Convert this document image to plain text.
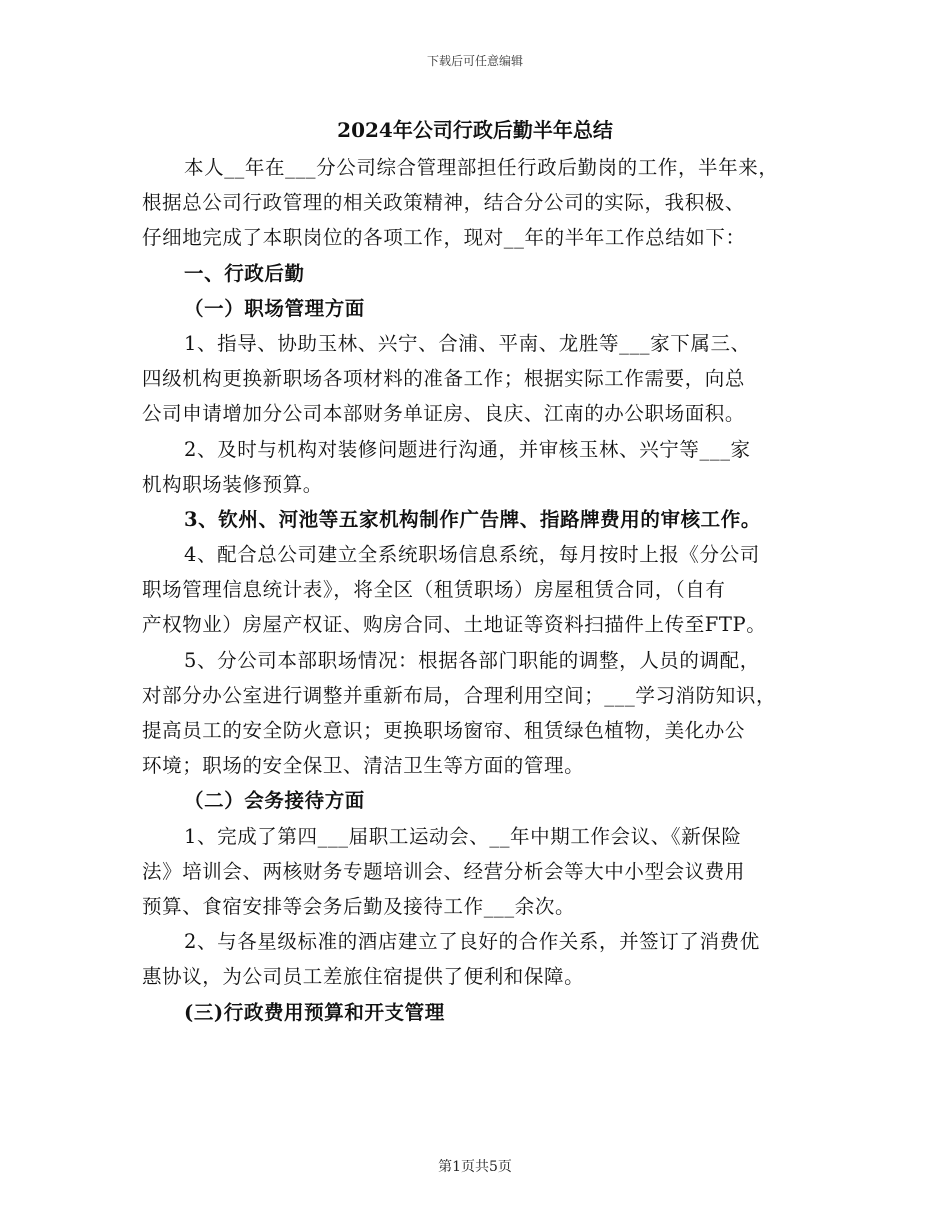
下载后可任意编辑
2024年公司行政后勤半年总结
本人__年在___分公司综合管理部担任行政后勤岗的工作，半年来，
根据总公司行政管理的相关政策精神，结合分公司的实际，我积极、
仔细地完成了本职岗位的各项工作，现对__年的半年工作总结如下：
一、行政后勤
（一）职场管理方面
1、指导、协助玉林、兴宁、合浦、平南、龙胜等___家下属三、
四级机构更换新职场各项材料的准备工作；根据实际工作需要，向总
公司申请增加分公司本部财务单证房、良庆、江南的办公职场面积。
2、及时与机构对装修问题进行沟通，并审核玉林、兴宁等___家
机构职场装修预算。
3、钦州、河池等五家机构制作广告牌、指路牌费用的审核工作。
4、配合总公司建立全系统职场信息系统，每月按时上报《分公司
职场管理信息统计表》，将全区（租赁职场）房屋租赁合同，（自有
产权物业）房屋产权证、购房合同、土地证等资料扫描件上传至FTP。
5、分公司本部职场情况：根据各部门职能的调整，人员的调配，
对部分办公室进行调整并重新布局，合理利用空间；___学习消防知识，
提高员工的安全防火意识；更换职场窗帘、租赁绿色植物，美化办公
环境；职场的安全保卫、清洁卫生等方面的管理。
（二）会务接待方面
1、完成了第四___届职工运动会、__年中期工作会议、《新保险
法》培训会、两核财务专题培训会、经营分析会等大中小型会议费用
预算、食宿安排等会务后勤及接待工作___余次。
2、与各星级标准的酒店建立了良好的合作关系，并签订了消费优
惠协议，为公司员工差旅住宿提供了便利和保障。
(三)行政费用预算和开支管理
第1页共5页
